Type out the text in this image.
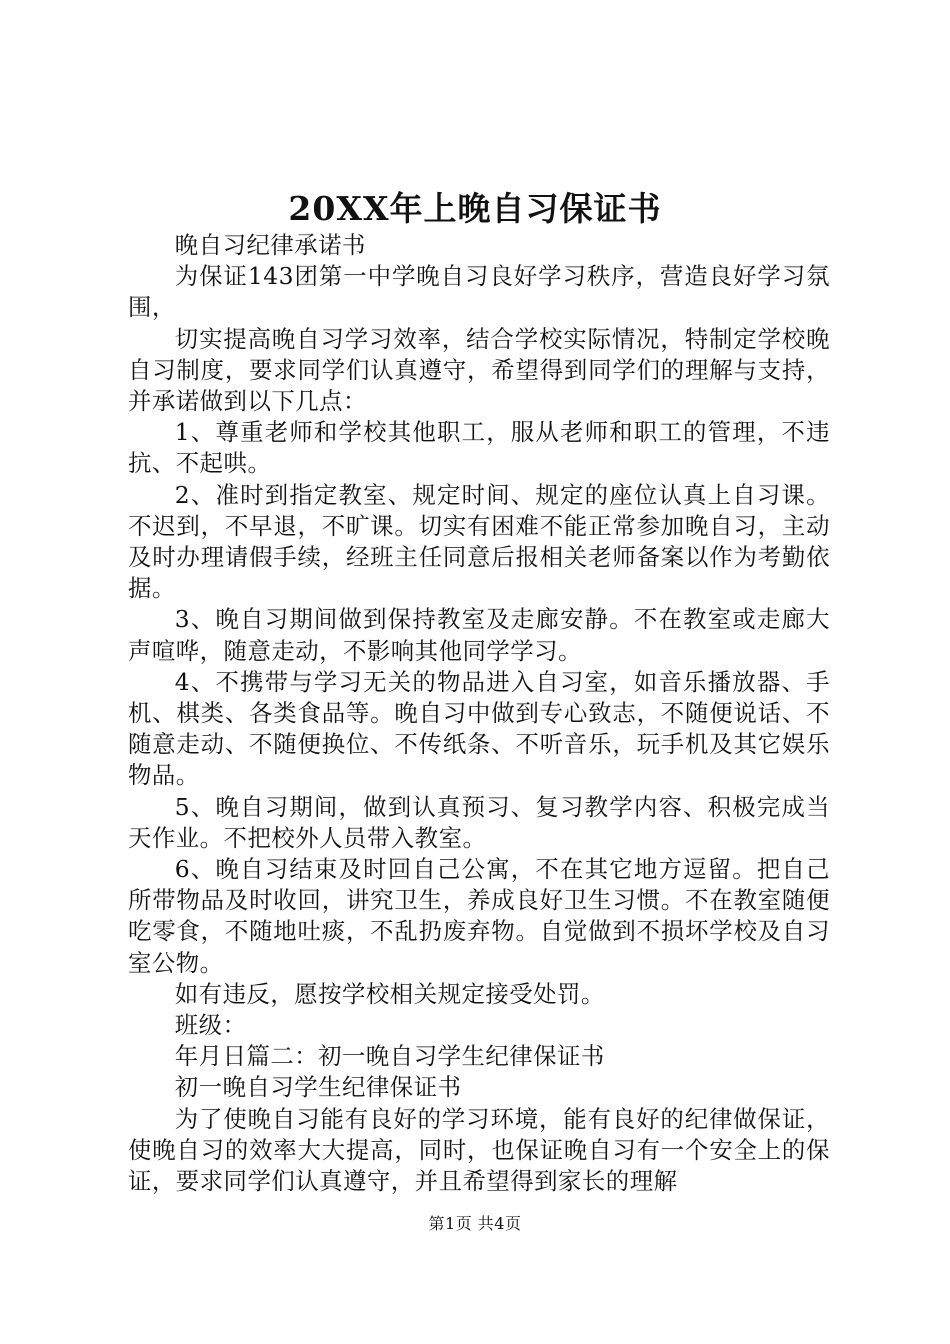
20XX年上晚自习保证书

晚自习纪律承诺书

为保证143团第一中学晚自习良好学习秩序，营造良好学习氛围，

切实提高晚自习学习效率，结合学校实际情况，特制定学校晚自习制度，要求同学们认真遵守，希望得到同学们的理解与支持，并承诺做到以下几点：

1、尊重老师和学校其他职工，服从老师和职工的管理，不违抗、不起哄。

2、准时到指定教室、规定时间、规定的座位认真上自习课。不迟到，不早退，不旷课。切实有困难不能正常参加晚自习，主动及时办理请假手续，经班主任同意后报相关老师备案以作为考勤依据。

3、晚自习期间做到保持教室及走廊安静。不在教室或走廊大声喧哗，随意走动，不影响其他同学学习。

4、不携带与学习无关的物品进入自习室，如音乐播放器、手机、棋类、各类食品等。晚自习中做到专心致志，不随便说话、不随意走动、不随便换位、不传纸条、不听音乐，玩手机及其它娱乐物品。

5、晚自习期间，做到认真预习、复习教学内容、积极完成当天作业。不把校外人员带入教室。

6、晚自习结束及时回自己公寓，不在其它地方逗留。把自己所带物品及时收回，讲究卫生，养成良好卫生习惯。不在教室随便吃零食，不随地吐痰，不乱扔废弃物。自觉做到不损坏学校及自习室公物。

如有违反，愿按学校相关规定接受处罚。

班级：

年月日篇二：初一晚自习学生纪律保证书

初一晚自习学生纪律保证书

为了使晚自习能有良好的学习环境，能有良好的纪律做保证，使晚自习的效率大大提高，同时，也保证晚自习有一个安全上的保证，要求同学们认真遵守，并且希望得到家长的理解

第1页 共4页
